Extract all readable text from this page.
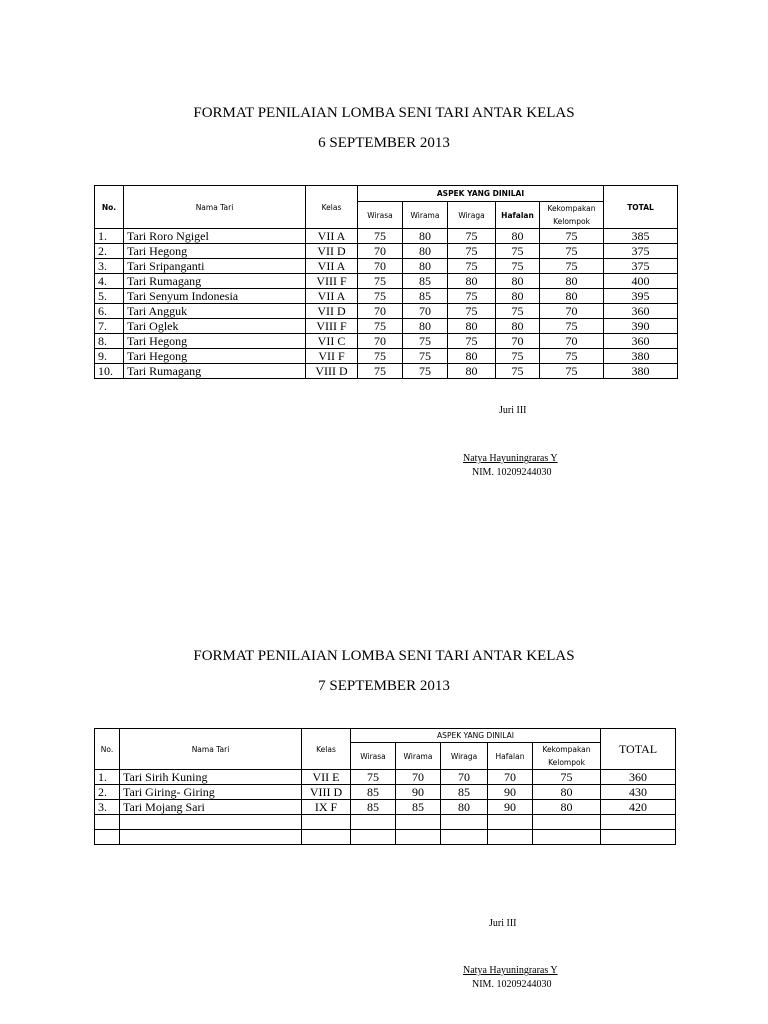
FORMAT PENILAIAN LOMBA SENI TARI ANTAR KELAS
6 SEPTEMBER 2013
No.	Nama Tari	Kelas	ASPEK YANG DINILAI					TOTAL
			Wirasa	Wirama	Wiraga	Hafalan	Kekompakan Kelompok	
1.	Tari Roro Ngigel	VII A	75	80	75	80	75	385
2.	Tari Hegong	VII D	70	80	75	75	75	375
3.	Tari Sripanganti	VII A	70	80	75	75	75	375
4.	Tari Rumagang	VIII F	75	85	80	80	80	400
5.	Tari Senyum Indonesia	VII A	75	85	75	80	80	395
6.	Tari Angguk	VII D	70	70	75	75	70	360
7.	Tari Oglek	VIII F	75	80	80	80	75	390
8.	Tari Hegong	VII C	70	75	75	70	70	360
9.	Tari Hegong	VII F	75	75	80	75	75	380
10.	Tari Rumagang	VIII D	75	75	80	75	75	380
Juri III
Natya Hayuningraras Y
NIM. 10209244030
FORMAT PENILAIAN LOMBA SENI TARI ANTAR KELAS
7 SEPTEMBER 2013
No.	Nama Tari	Kelas	ASPEK YANG DINILAI					TOTAL
			Wirasa	Wirama	Wiraga	Hafalan	Kekompakan Kelompok	
1.	Tari Sirih Kuning	VII E	75	70	70	70	75	360
2.	Tari Giring- Giring	VIII D	85	90	85	90	80	430
3.	Tari Mojang Sari	IX F	85	85	80	90	80	420

Juri III
Natya Hayuningraras Y
NIM. 10209244030
